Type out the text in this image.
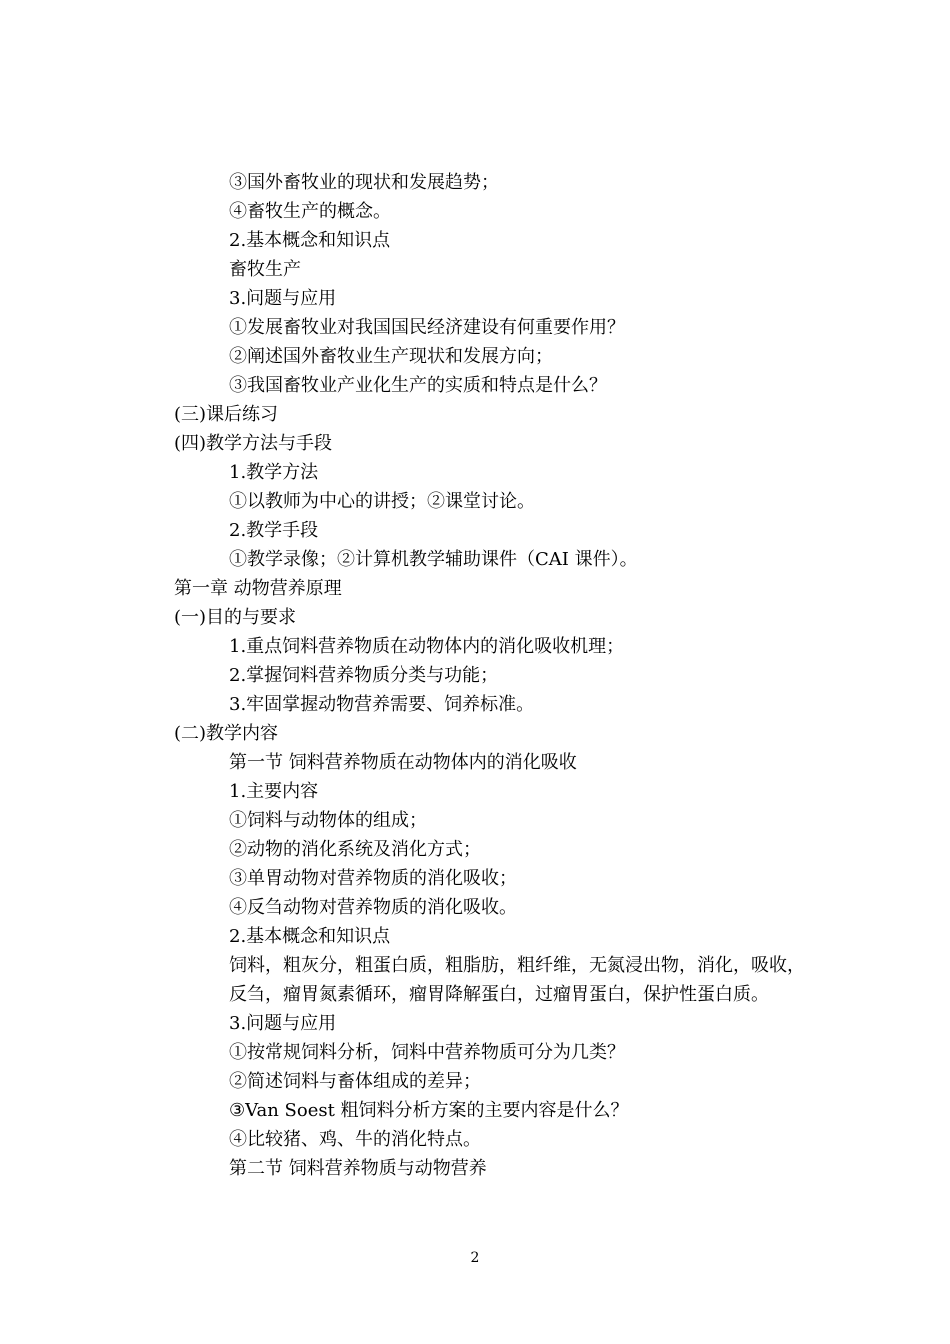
③国外畜牧业的现状和发展趋势；
④畜牧生产的概念。
2.基本概念和知识点
畜牧生产
3.问题与应用
①发展畜牧业对我国国民经济建设有何重要作用？
②阐述国外畜牧业生产现状和发展方向；
③我国畜牧业产业化生产的实质和特点是什么？
(三)课后练习
(四)教学方法与手段
1.教学方法
①以教师为中心的讲授；②课堂讨论。
2.教学手段
①教学录像；②计算机教学辅助课件（CAI 课件）。
第一章 动物营养原理
(一)目的与要求
1.重点饲料营养物质在动物体内的消化吸收机理；
2.掌握饲料营养物质分类与功能；
3.牢固掌握动物营养需要、饲养标准。
(二)教学内容
第一节 饲料营养物质在动物体内的消化吸收
1.主要内容
①饲料与动物体的组成；
②动物的消化系统及消化方式；
③单胃动物对营养物质的消化吸收；
④反刍动物对营养物质的消化吸收。
2.基本概念和知识点
饲料，粗灰分，粗蛋白质，粗脂肪，粗纤维，无氮浸出物，消化，吸收，
反刍，瘤胃氮素循环，瘤胃降解蛋白，过瘤胃蛋白，保护性蛋白质。
3.问题与应用
①按常规饲料分析，饲料中营养物质可分为几类？
②简述饲料与畜体组成的差异；
③Van Soest 粗饲料分析方案的主要内容是什么？
④比较猪、鸡、牛的消化特点。
第二节 饲料营养物质与动物营养
2
